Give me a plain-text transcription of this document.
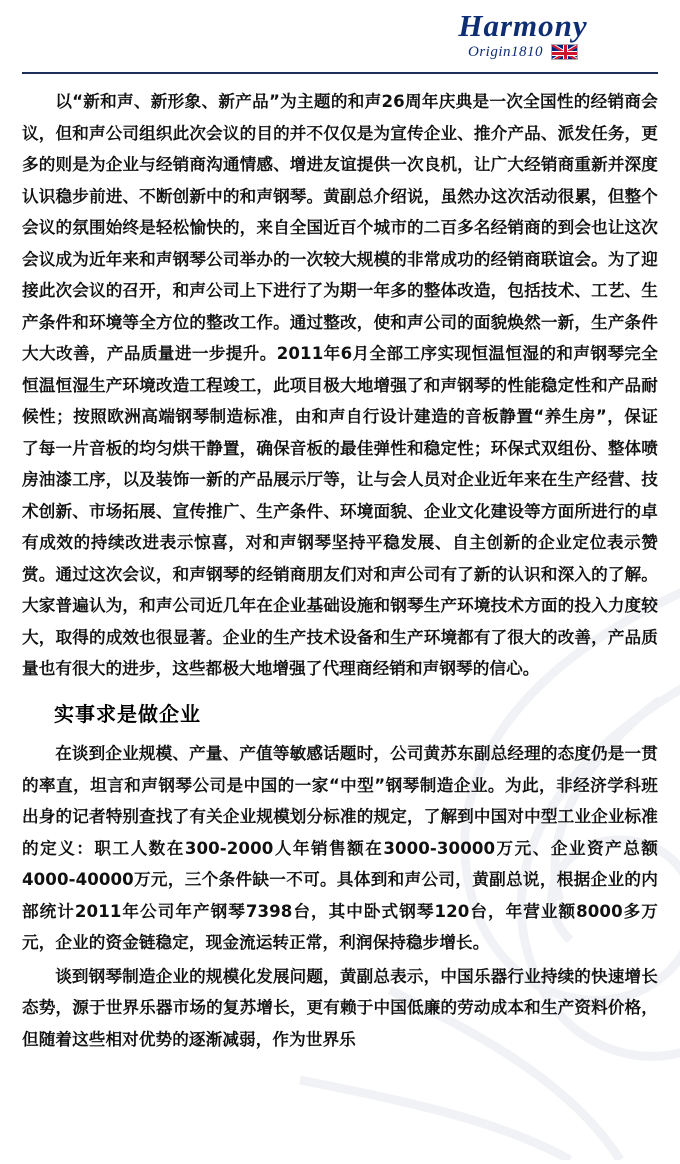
Harmony
Origin1810

以“新和声、新形象、新产品”为主题的和声26周年庆典是一次全国性的经销商会议，但和声公司组织此次会议的目的并不仅仅是为宣传企业、推介产品、派发任务，更多的则是为企业与经销商沟通情感、增进友谊提供一次良机，让广大经销商重新并深度认识稳步前进、不断创新中的和声钢琴。黄副总介绍说，虽然办这次活动很累，但整个会议的氛围始终是轻松愉快的，来自全国近百个城市的二百多名经销商的到会也让这次会议成为近年来和声钢琴公司举办的一次较大规模的非常成功的经销商联谊会。为了迎接此次会议的召开，和声公司上下进行了为期一年多的整体改造，包括技术、工艺、生产条件和环境等全方位的整改工作。通过整改，使和声公司的面貌焕然一新，生产条件大大改善，产品质量进一步提升。2011年6月全部工序实现恒温恒湿的和声钢琴完全恒温恒湿生产环境改造工程竣工，此项目极大地增强了和声钢琴的性能稳定性和产品耐候性；按照欧洲高端钢琴制造标准，由和声自行设计建造的音板静置“养生房”，保证了每一片音板的均匀烘干静置，确保音板的最佳弹性和稳定性；环保式双组份、整体喷房油漆工序，以及装饰一新的产品展示厅等，让与会人员对企业近年来在生产经营、技术创新、市场拓展、宣传推广、生产条件、环境面貌、企业文化建设等方面所进行的卓有成效的持续改进表示惊喜，对和声钢琴坚持平稳发展、自主创新的企业定位表示赞赏。通过这次会议，和声钢琴的经销商朋友们对和声公司有了新的认识和深入的了解。大家普遍认为，和声公司近几年在企业基础设施和钢琴生产环境技术方面的投入力度较大，取得的成效也很显著。企业的生产技术设备和生产环境都有了很大的改善，产品质量也有很大的进步，这些都极大地增强了代理商经销和声钢琴的信心。

实事求是做企业

在谈到企业规模、产量、产值等敏感话题时，公司黄苏东副总经理的态度仍是一贯的率直，坦言和声钢琴公司是中国的一家“中型”钢琴制造企业。为此，非经济学科班出身的记者特别查找了有关企业规模划分标准的规定，了解到中国对中型工业企业标准的定义：职工人数在300-2000人年销售额在3000-30000万元、企业资产总额4000-40000万元，三个条件缺一不可。具体到和声公司，黄副总说，根据企业的内部统计2011年公司年产钢琴7398台，其中卧式钢琴120台，年营业额8000多万元，企业的资金链稳定，现金流运转正常，利润保持稳步增长。

谈到钢琴制造企业的规模化发展问题，黄副总表示，中国乐器行业持续的快速增长态势，源于世界乐器市场的复苏增长，更有赖于中国低廉的劳动成本和生产资料价格，但随着这些相对优势的逐渐减弱，作为世界乐
